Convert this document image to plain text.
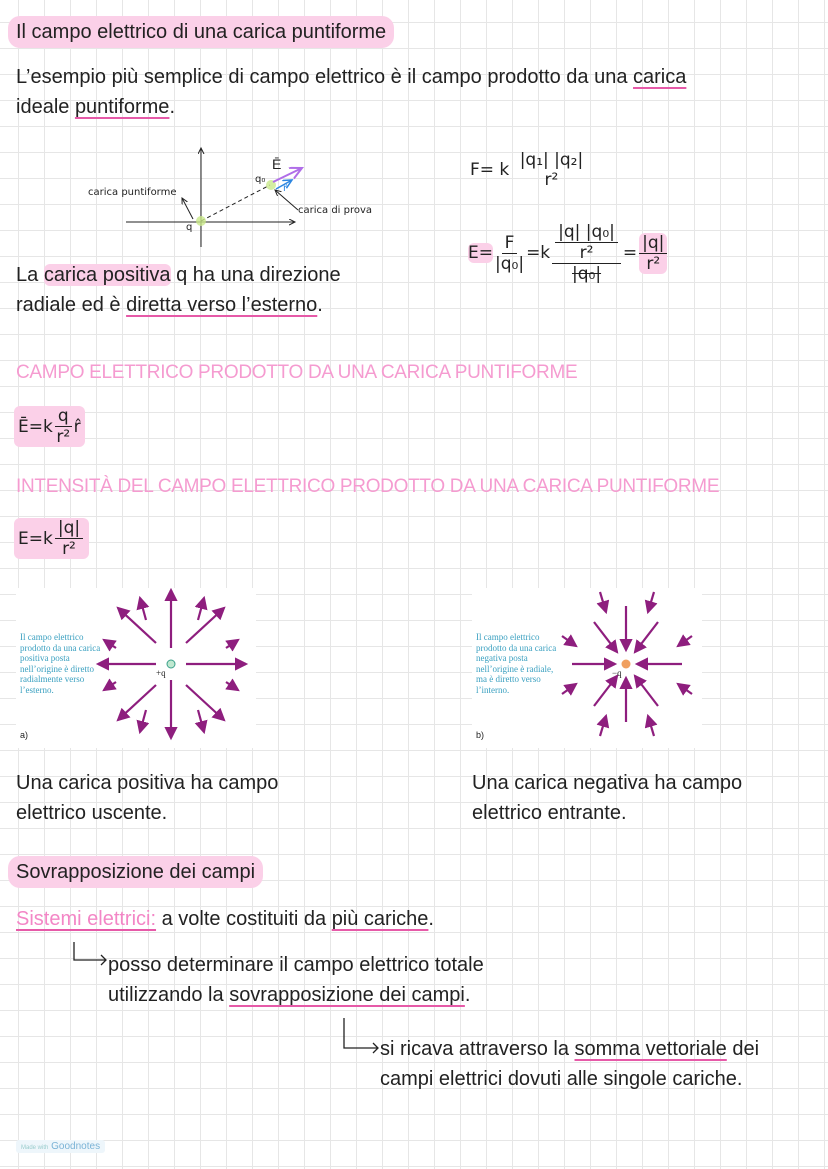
Il campo elettrico di una carica puntiforme
L’esempio più semplice di campo elettrico è il campo prodotto da una carica
ideale puntiforme.
carica puntiforme
carica di prova
q
q₀
Ē
r̂
F= k |q₁| |q₂|
r²
$E= \frac{F}{\text{|q₀|}} =k \frac{\frac{\text{|q| |q₀|}}{\text{r²}}}{\text{|q₀|}} = \frac{|q|}{\text{r²}}$
La carica positiva q ha una direzione
radiale ed è diretta verso l’esterno.
CAMPO ELETTRICO PRODOTTO DA UNA CARICA PUNTIFORME
Ē=k $\frac{q}{\text{r²}}$ r̂
INTENSITÀ DEL CAMPO ELETTRICO PRODOTTO DA UNA CARICA PUNTIFORME
$E=k \frac{|q|}{\text{r²}}$
Il campo elettrico prodotto da una carica positiva posta nell’origine è diretto radialmente verso l’esterno.
+q
a)
Il campo elettrico prodotto da una carica negativa posta nell’origine è radiale, ma è diretto verso l’interno.
−q
b)
Una carica positiva ha campo
elettrico uscente.
Una carica negativa ha campo
elettrico entrante.
Sovrapposizione dei campi
Sistemi elettrici: a volte costituiti da più cariche.
posso determinare il campo elettrico totale
utilizzando la sovrapposizione dei campi.
si ricava attraverso la somma vettoriale dei
campi elettrici dovuti alle singole cariche.
Made with Goodnotes
